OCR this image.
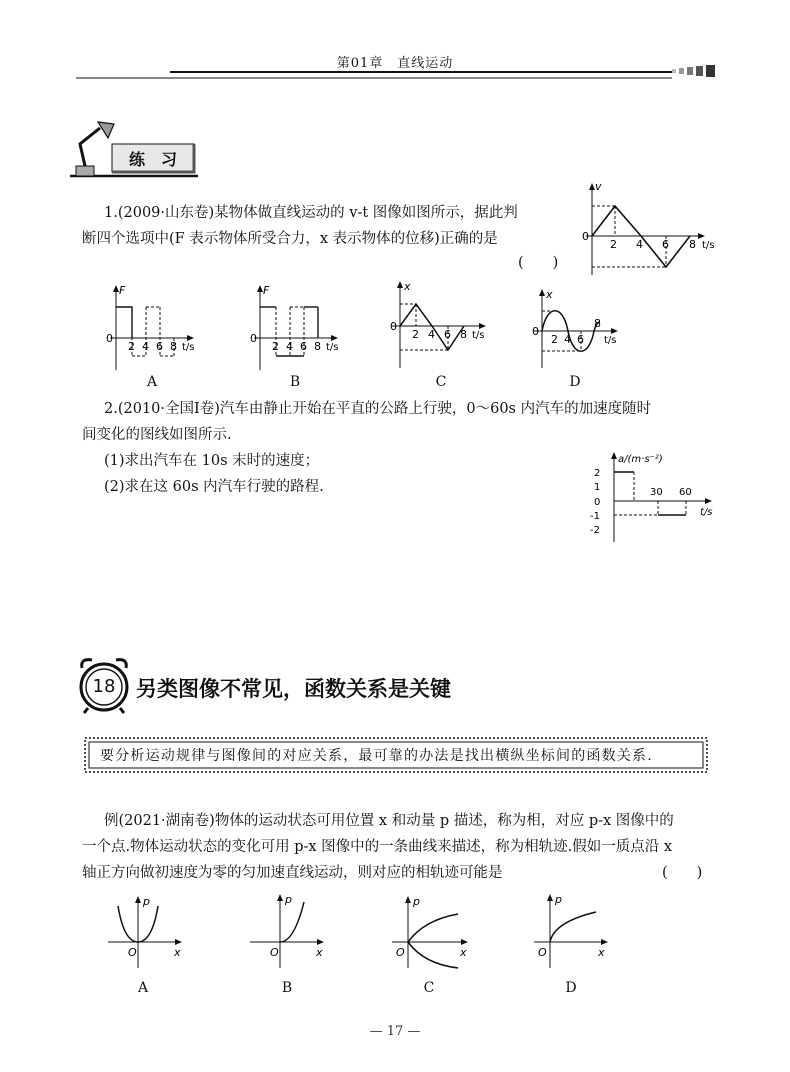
第01章　直线运动
练　习
1.(2009·山东卷)某物体做直线运动的 v-t 图像如图所示，据此判
断四个选项中(F 表示物体所受合力，x 表示物体的位移)正确的是
(　　)
v
0
2 4 6 8 t/s
F
0
2 4 6 8 t/s
A
F
0
2 4 6 8 t/s
B
x
0
2 4 6 8 t/s
C
x
0
2 4 6
8
t/s
D
2.(2010·全国Ⅰ卷)汽车由静止开始在平直的公路上行驶，0～60s 内汽车的加速度随时
间变化的图线如图所示.
(1)求出汽车在 10s 末时的速度；
(2)求在这 60s 内汽车行驶的路程.
a/(m·s⁻²)
2
1
0
-1
-2
30 60
t/s
18 另类图像不常见，函数关系是关键
要分析运动规律与图像间的对应关系，最可靠的办法是找出横纵坐标间的函数关系.
例(2021·湖南卷)物体的运动状态可用位置 x 和动量 p 描述，称为相，对应 p-x 图像中的
一个点.物体运动状态的变化可用 p-x 图像中的一条曲线来描述，称为相轨迹.假如一质点沿 x
轴正方向做初速度为零的匀加速直线运动，则对应的相轨迹可能是	(　　)
p
O	x
A
p
O	x
B
p
O	x
C
p
O	x
D
— 17 —
